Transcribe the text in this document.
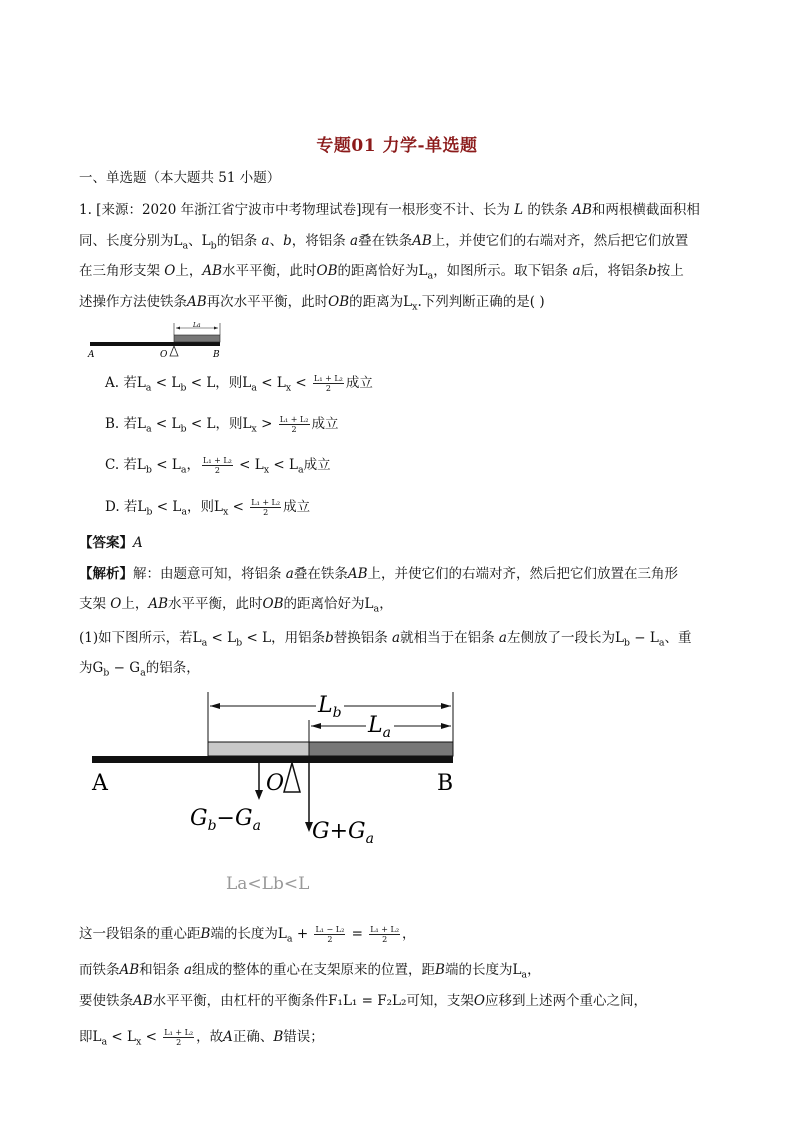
专题01 力学-单选题
一、单选题（本大题共 51 小题）
1. [来源：2020 年浙江省宁波市中考物理试卷]现有一根形变不计、长为 L 的铁条 AB和两根横截面积相
同、长度分别为$L_a$、$L_b$的铝条 a、b，将铝条 a叠在铁条AB上，并使它们的右端对齐，然后把它们放置
在三角形支架 O上，AB水平平衡，此时OB的距离恰好为$L_a$，如图所示。取下铝条 a后，将铝条b按上
述操作方法使铁条AB再次水平平衡，此时OB的距离为$L_x$.下列判断正确的是( )
La
A	O	B
A. 若$L_a < L_b < L$，则$L_a < L_x < \frac{\text{L₁ + L₂}}{2}$ 成立
B. 若$L_a < L_b < L$，则$L_x > \frac{\text{L₁ + L₂}}{2}$ 成立
C. 若$L_b < L_a$， $\frac{\text{L₁ + L₂}}{2} < L_x < L_a$成立
D. 若$L_b < L_a$，则$L_x < \frac{\text{L₁ + L₂}}{2}$ 成立
【答案】A
【解析】解：由题意可知，将铝条 a叠在铁条AB上，并使它们的右端对齐，然后把它们放置在三角形
支架 O上，AB水平平衡，此时OB的距离恰好为$L_a$，
(1)如下图所示，若$L_a < L_b < L$，用铝条b替换铝条 a就相当于在铝条 a左侧放了一段长为$L_b - L_a$、重
为$G_b - G_a$的铝条，
$L_b$ $L_a$
A	O	B
$G_b-G_a$ $G+G_a$
La<Lb<L
这一段铝条的重心距B端的长度为$L_a + \frac{\text{L₁ − L₂}}{2} = \frac{\text{L₁ + L₂}}{2}$ ，
而铁条AB和铝条 a组成的整体的重心在支架原来的位置，距B端的长度为$L_a$，
要使铁条AB水平平衡，由杠杆的平衡条件F₁L₁ = F₂L₂可知，支架O应移到上述两个重心之间，
即$L_a < L_x < \frac{\text{L₁ + L₂}}{2}$ ，故A正确、B错误；
